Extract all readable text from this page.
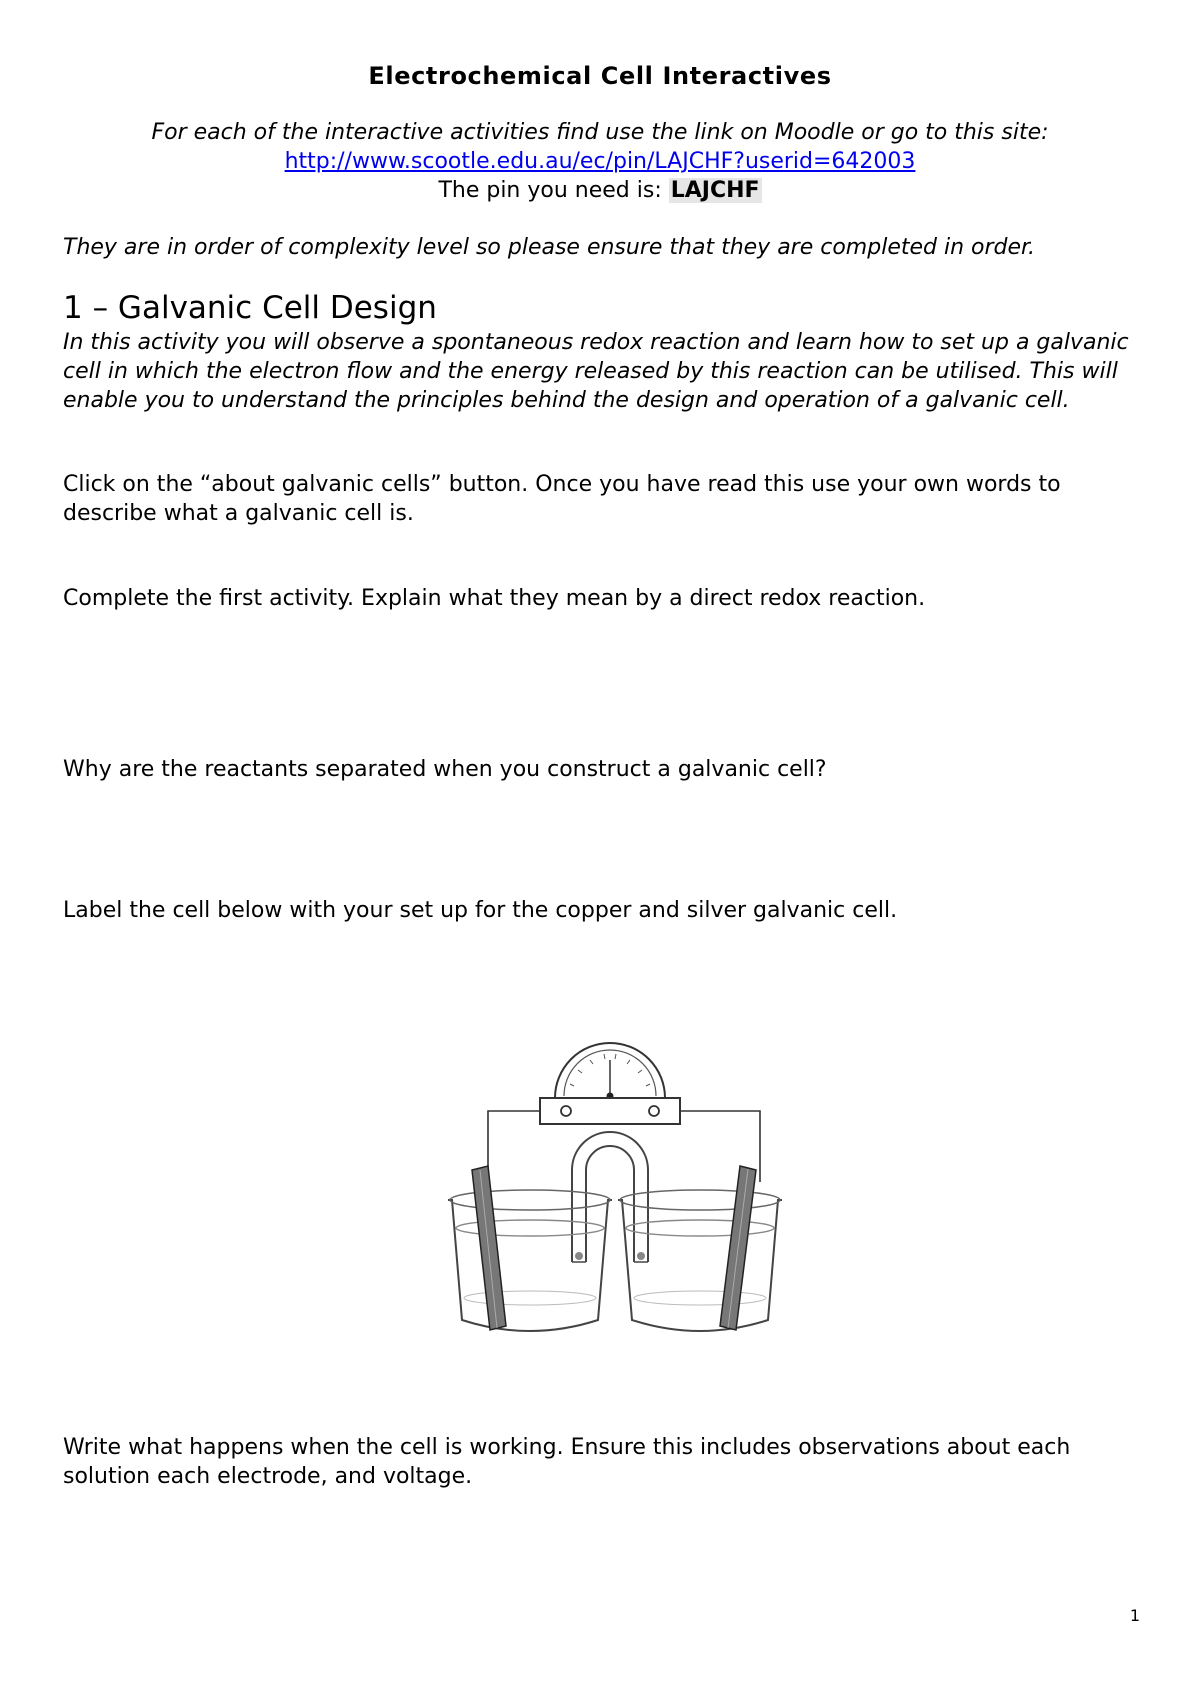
Electrochemical Cell Interactives
For each of the interactive activities find use the link on Moodle or go to this site:
http://www.scootle.edu.au/ec/pin/LAJCHF?userid=642003
The pin you need is: LAJCHF
They are in order of complexity level so please ensure that they are completed in order.
1 – Galvanic Cell Design
In this activity you will observe a spontaneous redox reaction and learn how to set up a galvanic cell in which the electron flow and the energy released by this reaction can be utilised. This will enable you to understand the principles behind the design and operation of a galvanic cell.
Click on the “about galvanic cells” button. Once you have read this use your own words to describe what a galvanic cell is.
Complete the first activity. Explain what they mean by a direct redox reaction.
Why are the reactants separated when you construct a galvanic cell?
Label the cell below with your set up for the copper and silver galvanic cell.
Write what happens when the cell is working. Ensure this includes observations about each solution each electrode, and voltage.
1
